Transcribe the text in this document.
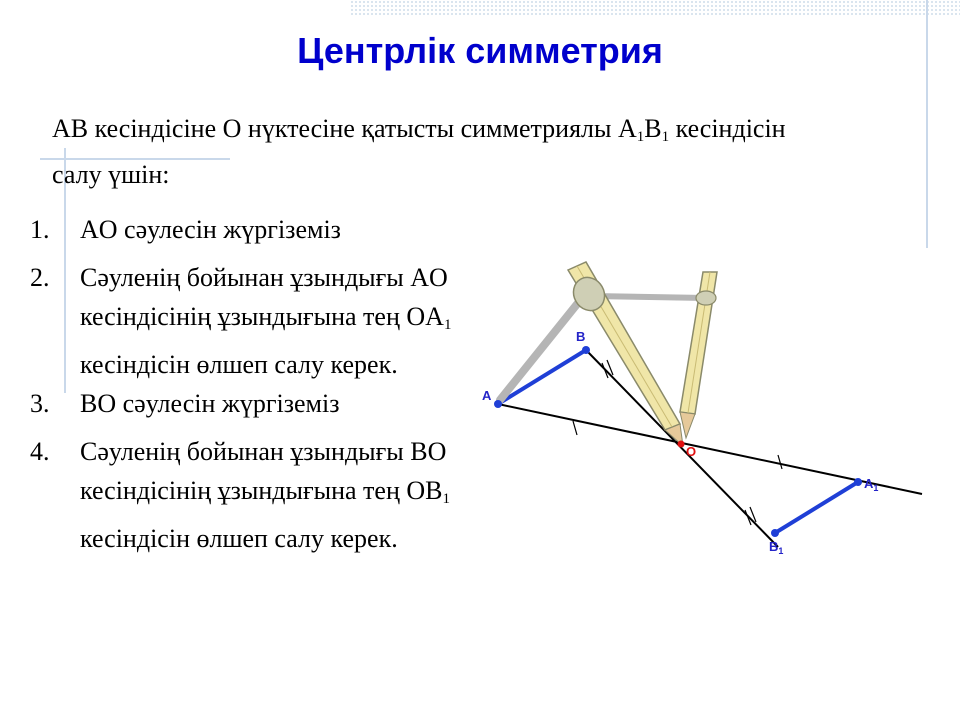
Центрлік симметрия
AB кесіндісіне O нүктесіне қатысты симметриялы $A_1B_1$ кесіндісін салу үшін:
1.	AO сәулесін жүргіземіз
2.	Сәуленің бойынан ұзындығы AO кесіндісінің ұзындығына тең $OA_1$ кесіндісін өлшеп салу керек.
3.	BO сәулесін жүргіземіз
4.	Сәуленің бойынан ұзындығы BO кесіндісінің ұзындығына тең $OB_1$ кесіндісін өлшеп салу керек.
A
B
O
$A_1$
$B_1$
